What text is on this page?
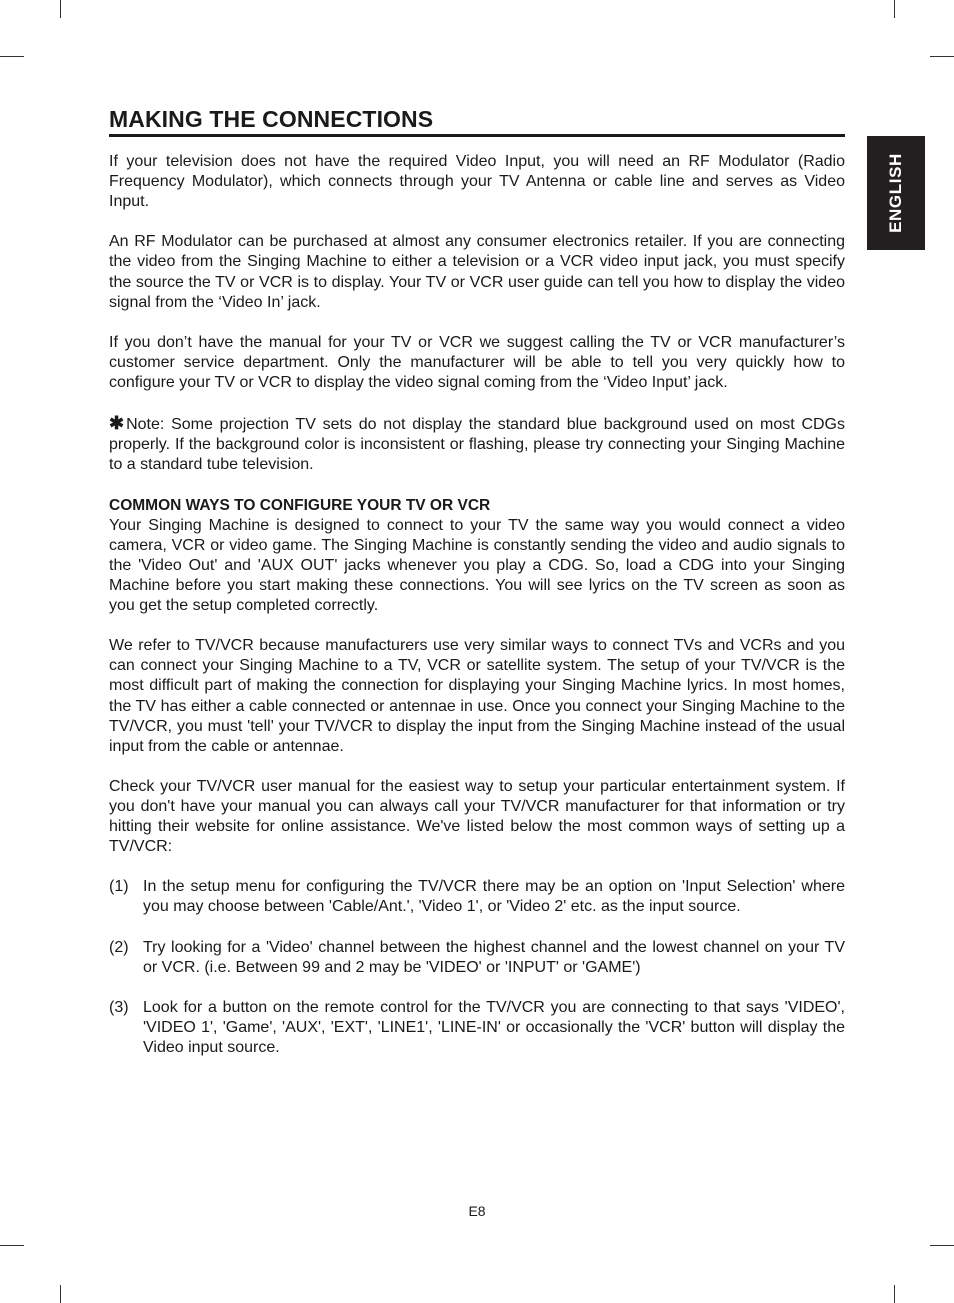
MAKING THE CONNECTIONS
ENGLISH

If your television does not have the required Video Input, you will need an RF Modulator (Radio Frequency Modulator), which connects through your TV Antenna or cable line and serves as Video Input.

An RF Modulator can be purchased at almost any consumer electronics retailer. If you are connecting the video from the Singing Machine to either a television or a VCR video input jack, you must specify the source the TV or VCR is to display. Your TV or VCR user guide can tell you how to display the video signal from the ‘Video In’ jack.

If you don’t have the manual for your TV or VCR we suggest calling the TV or VCR manufacturer’s customer service department. Only the manufacturer will be able to tell you very quickly how to configure your TV or VCR to display the video signal coming from the ‘Video Input’ jack.

✱ Note: Some projection TV sets do not display the standard blue background used on most CDGs properly. If the background color is inconsistent or flashing, please try connecting your Singing Machine to a standard tube television.

COMMON WAYS TO CONFIGURE YOUR TV OR VCR

Your Singing Machine is designed to connect to your TV the same way you would connect a video camera, VCR or video game. The Singing Machine is constantly sending the video and audio signals to the 'Video Out' and 'AUX OUT' jacks whenever you play a CDG. So, load a CDG into your Singing Machine before you start making these connections. You will see lyrics on the TV screen as soon as you get the setup completed correctly.

We refer to TV/VCR because manufacturers use very similar ways to connect TVs and VCRs and you can connect your Singing Machine to a TV, VCR or satellite system. The setup of your TV/VCR is the most difficult part of making the connection for displaying your Singing Machine lyrics. In most homes, the TV has either a cable connected or antennae in use. Once you connect your Singing Machine to the TV/VCR, you must 'tell' your TV/VCR to display the input from the Singing Machine instead of the usual input from the cable or antennae.

Check your TV/VCR user manual for the easiest way to setup your particular entertainment system. If you don't have your manual you can always call your TV/VCR manufacturer for that information or try hitting their website for online assistance. We've listed below the most common ways of setting up a TV/VCR:

(1) In the setup menu for configuring the TV/VCR there may be an option on 'Input Selection' where you may choose between 'Cable/Ant.', 'Video 1', or 'Video 2' etc. as the input source.
(2) Try looking for a 'Video' channel between the highest channel and the lowest channel on your TV or VCR. (i.e. Between 99 and 2 may be 'VIDEO' or 'INPUT' or 'GAME')
(3) Look for a button on the remote control for the TV/VCR you are connecting to that says 'VIDEO', 'VIDEO 1', 'Game', 'AUX', 'EXT', 'LINE1', 'LINE-IN' or occasionally the 'VCR' button will display the Video input source.
E8
